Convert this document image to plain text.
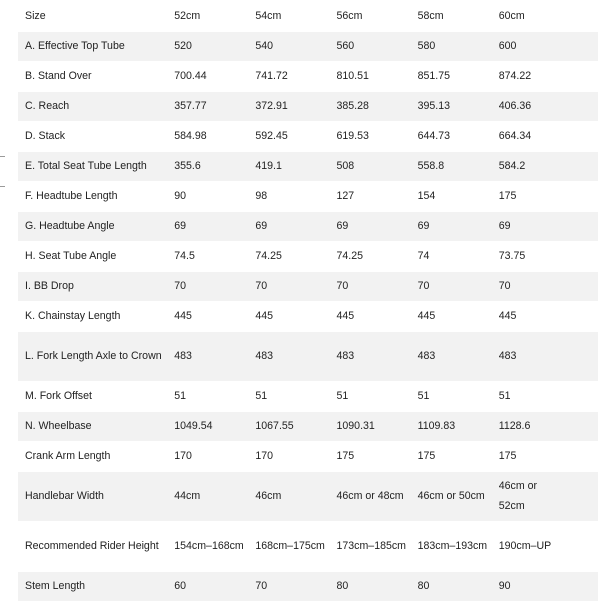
Size	52cm	54cm	56cm	58cm	60cm
A. Effective Top Tube	520	540	560	580	600
B. Stand Over	700.44	741.72	810.51	851.75	874.22
C. Reach	357.77	372.91	385.28	395.13	406.36
D. Stack	584.98	592.45	619.53	644.73	664.34
E. Total Seat Tube Length	355.6	419.1	508	558.8	584.2
F. Headtube Length	90	98	127	154	175
G. Headtube Angle	69	69	69	69	69
H. Seat Tube Angle	74.5	74.25	74.25	74	73.75
I. BB Drop	70	70	70	70	70
K. Chainstay Length	445	445	445	445	445
L. Fork Length Axle to Crown	483	483	483	483	483
M. Fork Offset	51	51	51	51	51
N. Wheelbase	1049.54	1067.55	1090.31	1109.83	1128.6
Crank Arm Length	170	170	175	175	175
Handlebar Width	44cm	46cm	46cm or 48cm	46cm or 50cm	46cm or 52cm
Recommended Rider Height	154cm–168cm	168cm–175cm	173cm–185cm	183cm–193cm	190cm–UP
Stem Length	60	70	80	80	90
